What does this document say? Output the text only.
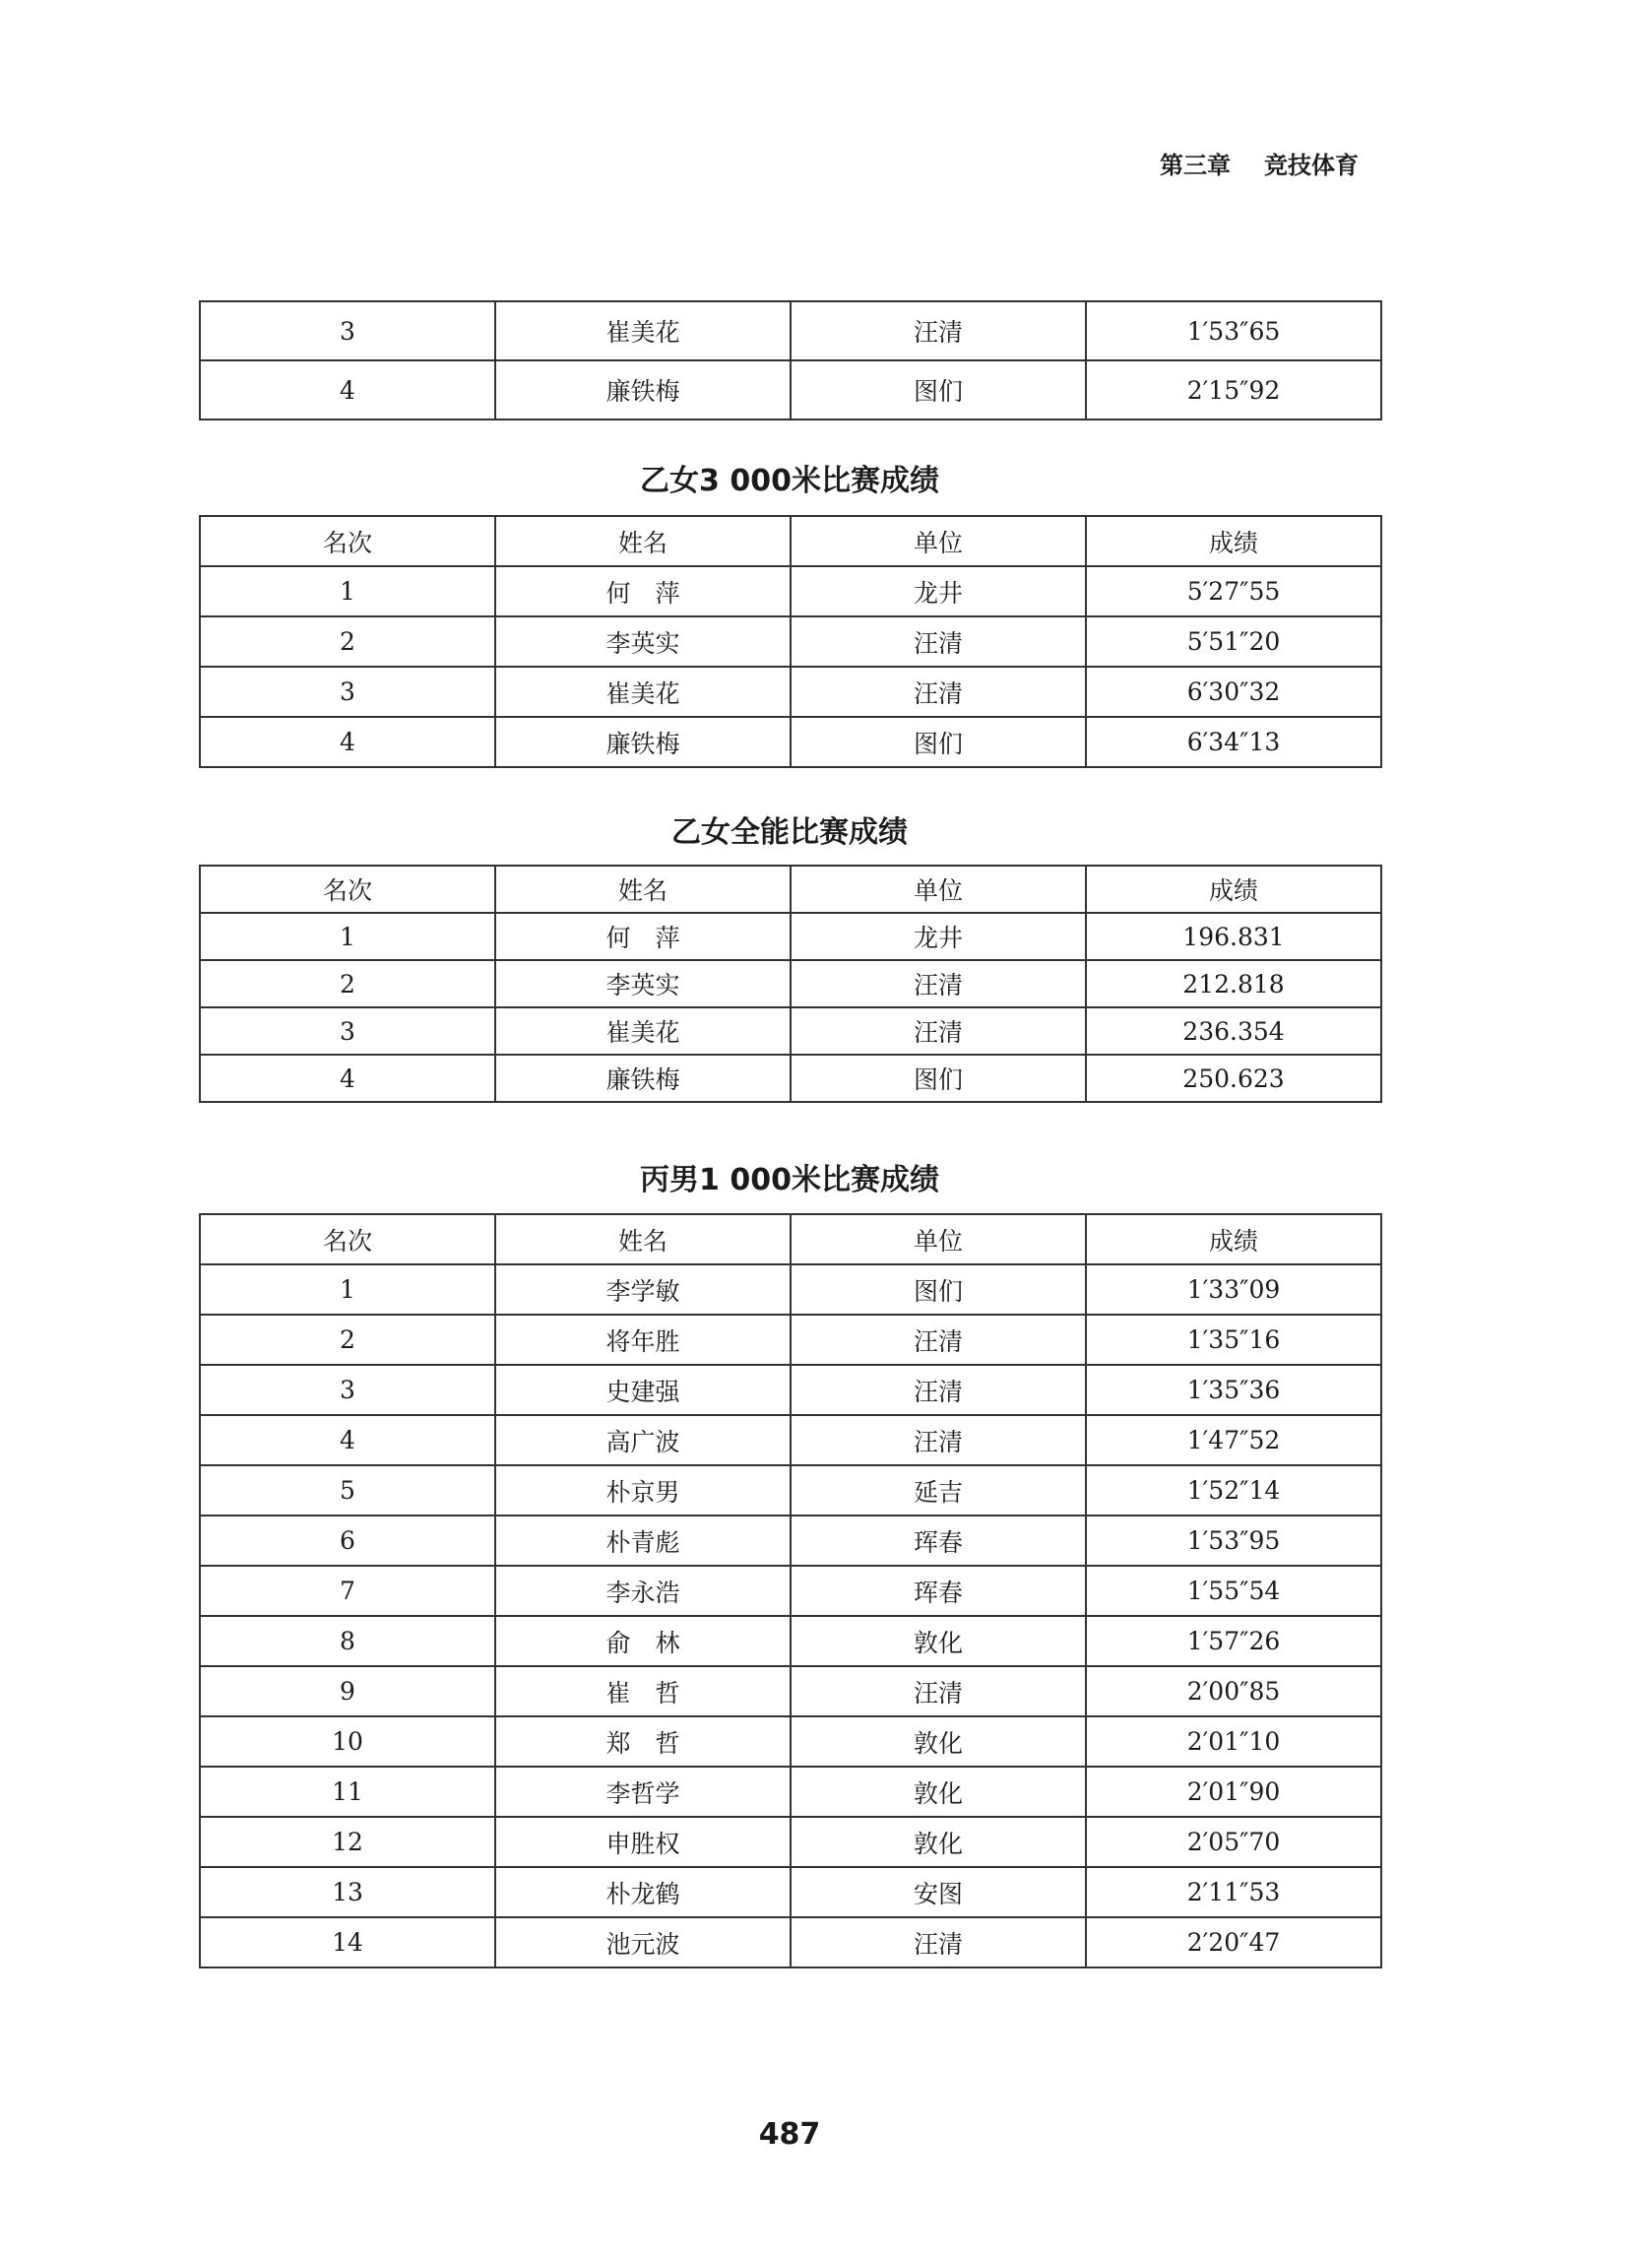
第三章 竞技体育
3	崔美花	汪清	1′53″65
4	廉铁梅	图们	2′15″92
乙女3 000米比赛成绩
名次	姓名	单位	成绩
1	何　萍	龙井	5′27″55
2	李英实	汪清	5′51″20
3	崔美花	汪清	6′30″32
4	廉铁梅	图们	6′34″13
乙女全能比赛成绩
名次	姓名	单位	成绩
1	何　萍	龙井	196.831
2	李英实	汪清	212.818
3	崔美花	汪清	236.354
4	廉铁梅	图们	250.623
丙男1 000米比赛成绩
名次	姓名	单位	成绩
1	李学敏	图们	1′33″09
2	将年胜	汪清	1′35″16
3	史建强	汪清	1′35″36
4	高广波	汪清	1′47″52
5	朴京男	延吉	1′52″14
6	朴青彪	珲春	1′53″95
7	李永浩	珲春	1′55″54
8	俞　林	敦化	1′57″26
9	崔　哲	汪清	2′00″85
10	郑　哲	敦化	2′01″10
11	李哲学	敦化	2′01″90
12	申胜权	敦化	2′05″70
13	朴龙鹤	安图	2′11″53
14	池元波	汪清	2′20″47
487
